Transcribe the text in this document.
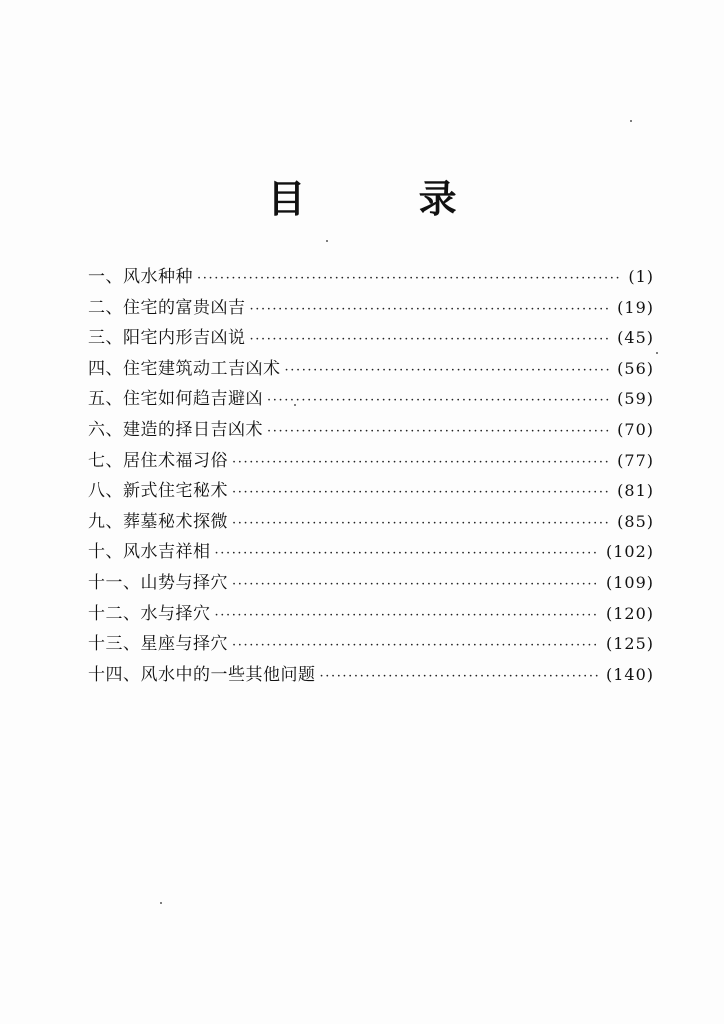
目 录
一、风水种种 ·····	(1)
二、住宅的富贵凶吉 ·····	(19)
三、阳宅内形吉凶说 ·····	(45)
四、住宅建筑动工吉凶术 ·····	(56)
五、住宅如何趋吉避凶 ·····	(59)
六、建造的择日吉凶术 ·····	(70)
七、居住术福习俗 ·····	(77)
八、新式住宅秘术 ·····	(81)
九、葬墓秘术探微 ·····	(85)
十、风水吉祥相 ·····	(102)
十一、山势与择穴 ·····	(109)
十二、水与择穴 ·····	(120)
十三、星座与择穴 ·····	(125)
十四、风水中的一些其他问题 ·····	(140)
